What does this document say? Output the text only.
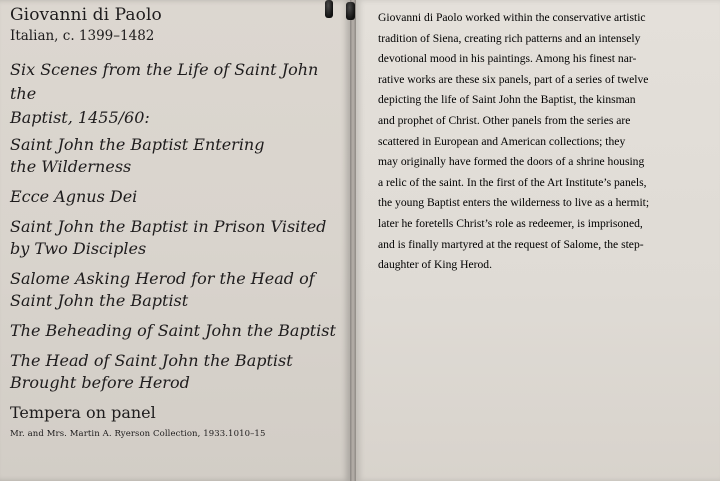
Giovanni di Paolo

Italian, c. 1399–1482

Six Scenes from the Life of Saint John the
Baptist, 1455/60:
Saint John the Baptist Entering
the Wilderness
Ecce Agnus Dei
Saint John the Baptist in Prison Visited
by Two Disciples
Salome Asking Herod for the Head of
Saint John the Baptist
The Beheading of Saint John the Baptist
The Head of Saint John the Baptist
Brought before Herod

Tempera on panel

Mr. and Mrs. Martin A. Ryerson Collection, 1933.1010–15

Giovanni di Paolo worked within the conservative artistic
tradition of Siena, creating rich patterns and an intensely
devotional mood in his paintings. Among his finest nar-
rative works are these six panels, part of a series of twelve
depicting the life of Saint John the Baptist, the kinsman
and prophet of Christ. Other panels from the series are
scattered in European and American collections; they
may originally have formed the doors of a shrine housing
a relic of the saint. In the first of the Art Institute’s panels,
the young Baptist enters the wilderness to live as a hermit;
later he foretells Christ’s role as redeemer, is imprisoned,
and is finally martyred at the request of Salome, the step-
daughter of King Herod.
